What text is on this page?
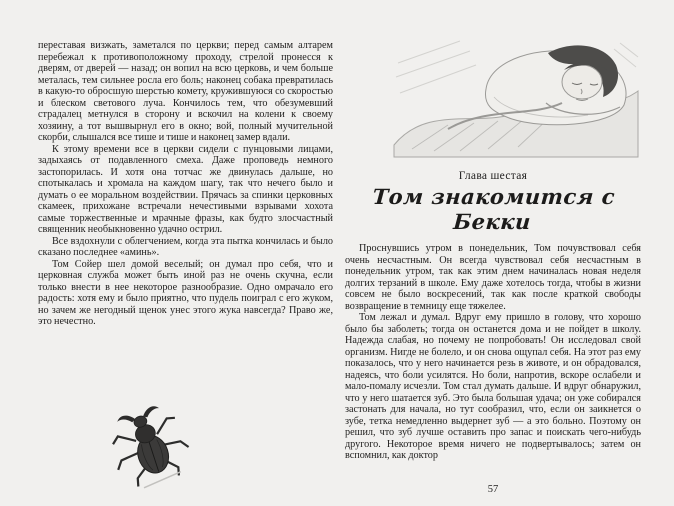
переставая визжать, заметался по церкви; перед самым алтарем перебежал к противоположному проходу, стрелой пронесся к дверям, от дверей — назад; он вопил на всю церковь, и чем больше металась, тем сильнее росла его боль; наконец собака превратилась в какую-то обросшую шерстью комету, кружившуюся со скоростью и блеском светового луча. Кончилось тем, что обезумевший страдалец метнулся в сторону и вскочил на колени к своему хозяину, а тот вышвырнул его в окно; вой, полный мучительной скорби, слышался все тише и тише и наконец замер вдали.

К этому времени все в церкви сидели с пунцовыми лицами, задыхаясь от подавленного смеха. Даже проповедь немного застопорилась. И хотя она тотчас же двинулась дальше, но спотыкалась и хромала на каждом шагу, так что нечего было и думать о ее моральном воздействии. Прячась за спинки церковных скамеек, прихожане встречали нечестивыми взрывами хохота самые торжественные и мрачные фразы, как будто злосчастный священник необыкновенно удачно острил.

Все вздохнули с облегчением, когда эта пытка кончилась и было сказано последнее «аминь».

Том Сойер шел домой веселый; он думал про себя, что и церковная служба может быть иной раз не очень скучна, если только внести в нее некоторое разнообразие. Одно омрачало его радость: хотя ему и было приятно, что пудель поиграл с его жуком, но зачем же негодный щенок унес этого жука навсегда? Право же, это нечестно.

Глава шестая
Том знакомится с Бекки

Проснувшись утром в понедельник, Том почувствовал себя очень несчастным. Он всегда чувствовал себя несчастным в понедельник утром, так как этим днем начиналась новая неделя долгих терзаний в школе. Ему даже хотелось тогда, чтобы в жизни совсем не было воскресений, так как после краткой свободы возвращение в темницу еще тяжелее.

Том лежал и думал. Вдруг ему пришло в голову, что хорошо было бы заболеть; тогда он останется дома и не пойдет в школу. Надежда слабая, но почему не попробовать! Он исследовал свой организм. Нигде не болело, и он снова ощупал себя. На этот раз ему показалось, что у него начинается резь в животе, и он обрадовался, надеясь, что боли усилятся. Но боли, напротив, вскоре ослабели и мало-помалу исчезли. Том стал думать дальше. И вдруг обнаружил, что у него шатается зуб. Это была большая удача; он уже собирался застонать для начала, но тут сообразил, что, если он заикнется о зубе, тетка немедленно выдернет зуб — а это больно. Поэтому он решил, что зуб лучше оставить про запас и поискать чего-нибудь другого. Некоторое время ничего не подвертывалось; затем он вспомнил, как доктор

57
